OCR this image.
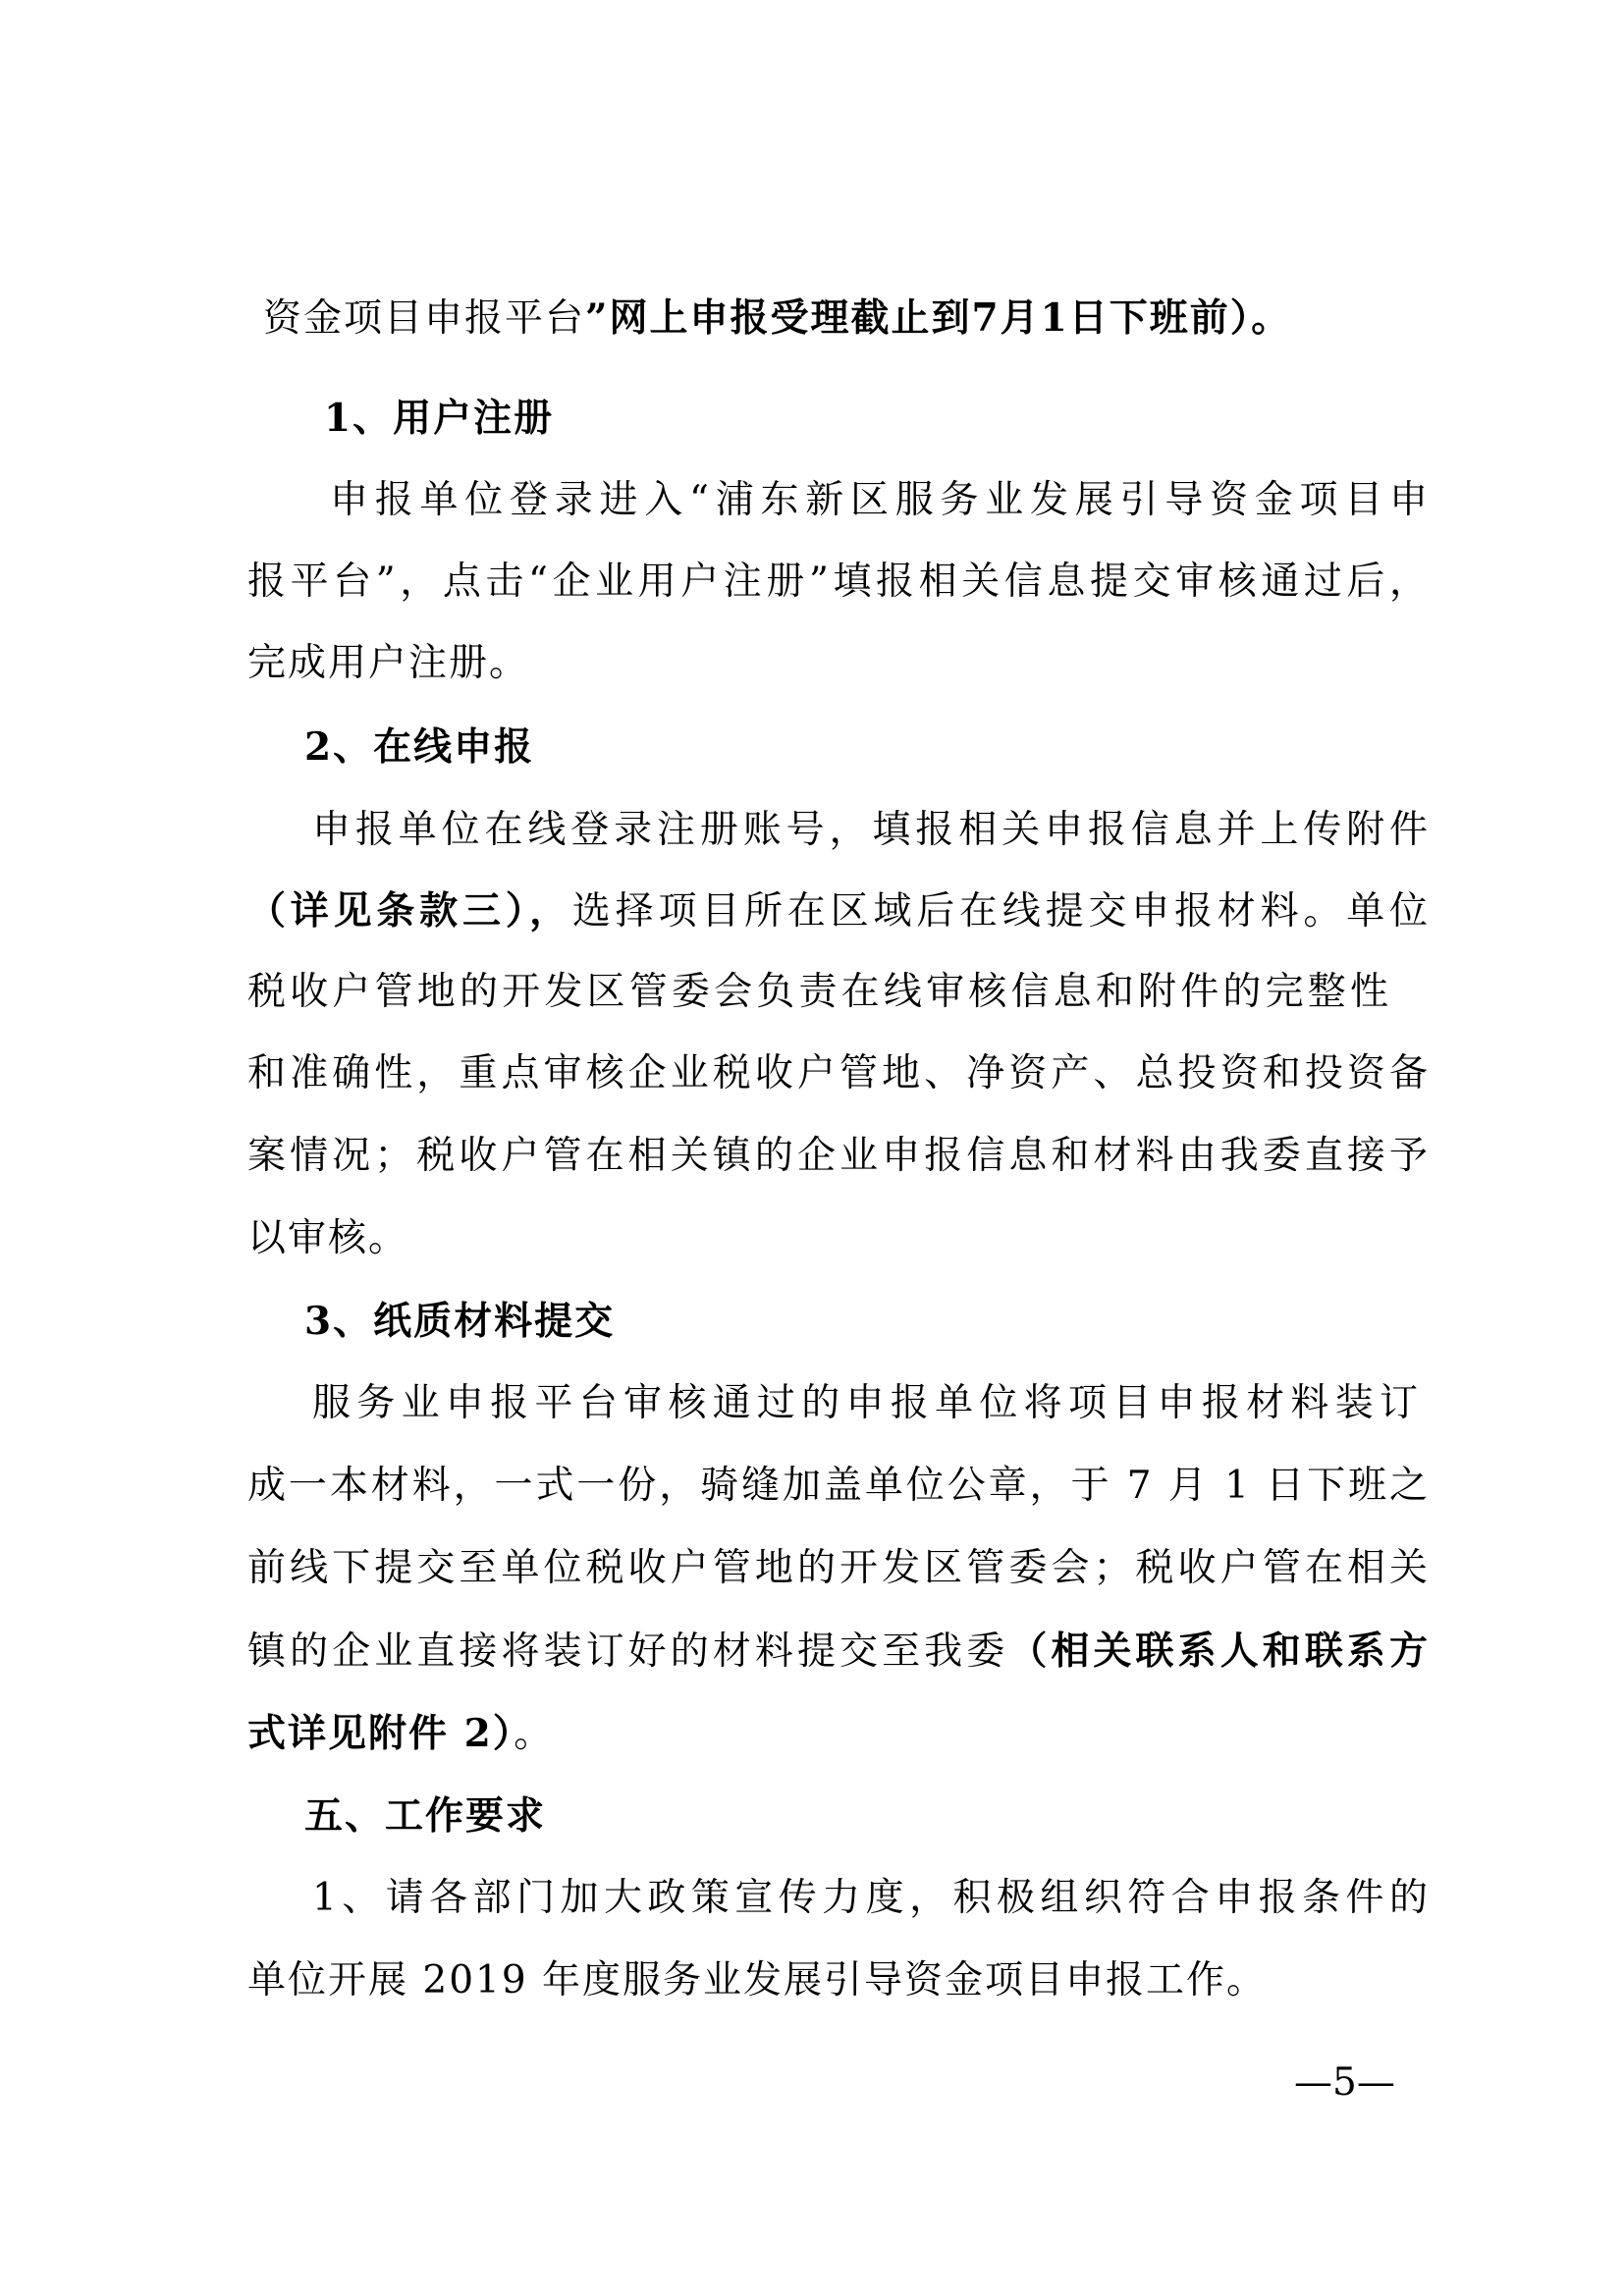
资金项目申报平台”网上申报受理截止到7月1日下班前）。
1、用户注册
申报单位登录进入“浦东新区服务业发展引导资金项目申
报平台”，点击“企业用户注册”填报相关信息提交审核通过后，
完成用户注册。
2、在线申报
申报单位在线登录注册账号，填报相关申报信息并上传附件
（详见条款三），选择项目所在区域后在线提交申报材料。单位
税收户管地的开发区管委会负责在线审核信息和附件的完整性
和准确性，重点审核企业税收户管地、净资产、总投资和投资备
案情况；税收户管在相关镇的企业申报信息和材料由我委直接予
以审核。
3、纸质材料提交
服务业申报平台审核通过的申报单位将项目申报材料装订
成一本材料，一式一份，骑缝加盖单位公章，于 7 月 1 日下班之
前线下提交至单位税收户管地的开发区管委会；税收户管在相关
镇的企业直接将装订好的材料提交至我委（相关联系人和联系方
式详见附件 2）。
五、工作要求
1、请各部门加大政策宣传力度，积极组织符合申报条件的
单位开展 2019 年度服务业发展引导资金项目申报工作。
—5—
